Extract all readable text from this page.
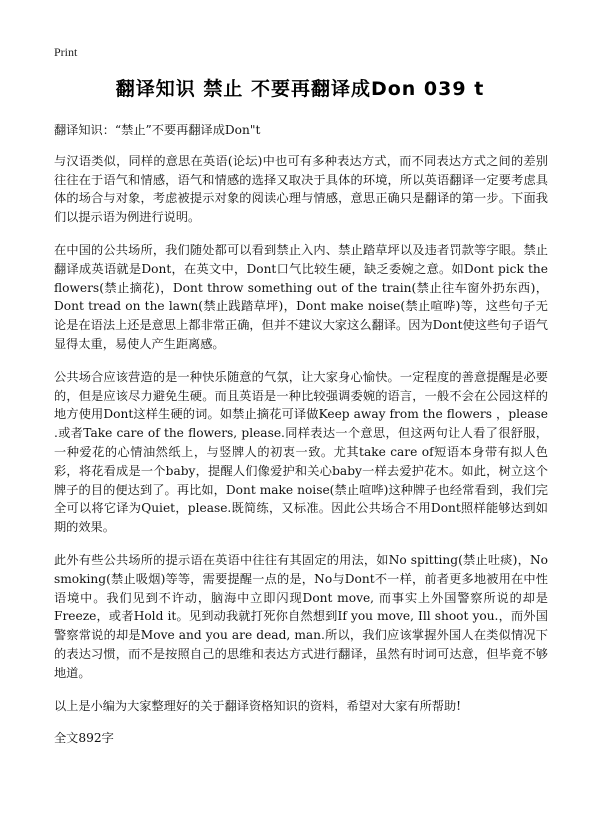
Print
翻译知识 禁止 不要再翻译成Don 039 t

翻译知识：“禁止”不要再翻译成Don"t

与汉语类似，同样的意思在英语(论坛)中也可有多种表达方式，而不同表达方式之间的差别往往在于语气和情感，语气和情感的选择又取决于具体的环境，所以英语翻译一定要考虑具体的场合与对象，考虑被提示对象的阅读心理与情感，意思正确只是翻译的第一步。下面我们以提示语为例进行说明。

在中国的公共场所，我们随处都可以看到禁止入内、禁止踏草坪以及违者罚款等字眼。禁止翻译成英语就是Dont，在英文中，Dont口气比较生硬，缺乏委婉之意。如Dont pick the flowers(禁止摘花)，Dont throw something out of the train(禁止往车窗外扔东西)，Dont tread on the lawn(禁止践踏草坪)，Dont make noise(禁止喧哗)等，这些句子无论是在语法上还是意思上都非常正确，但并不建议大家这么翻译。因为Dont使这些句子语气显得太重，易使人产生距离感。

公共场合应该营造的是一种快乐随意的气氛，让大家身心愉快。一定程度的善意提醒是必要的，但是应该尽力避免生硬。而且英语是一种比较强调委婉的语言，一般不会在公园这样的地方使用Dont这样生硬的词。如禁止摘花可译做Keep away from the flowers ，please .或者Take care of the flowers, please.同样表达一个意思，但这两句让人看了很舒服，一种爱花的心情油然纸上，与竖牌人的初衷一致。尤其take care of短语本身带有拟人色彩，将花看成是一个baby，提醒人们像爱护和关心baby一样去爱护花木。如此，树立这个牌子的目的便达到了。再比如，Dont make noise(禁止喧哗)这种牌子也经常看到，我们完全可以将它译为Quiet，please.既简练，又标准。因此公共场合不用Dont照样能够达到如期的效果。

此外有些公共场所的提示语在英语中往往有其固定的用法，如No spitting(禁止吐痰)，No smoking(禁止吸烟)等等，需要提醒一点的是，No与Dont不一样，前者更多地被用在中性语境中。我们见到不许动，脑海中立即闪现Dont move, 而事实上外国警察所说的却是Freeze，或者Hold it。见到动我就打死你自然想到If you move, Ill shoot you.，而外国警察常说的却是Move and you are dead, man.所以，我们应该掌握外国人在类似情况下的表达习惯，而不是按照自己的思维和表达方式进行翻译，虽然有时词可达意，但毕竟不够地道。

以上是小编为大家整理好的关于翻译资格知识的资料，希望对大家有所帮助!

全文892字
